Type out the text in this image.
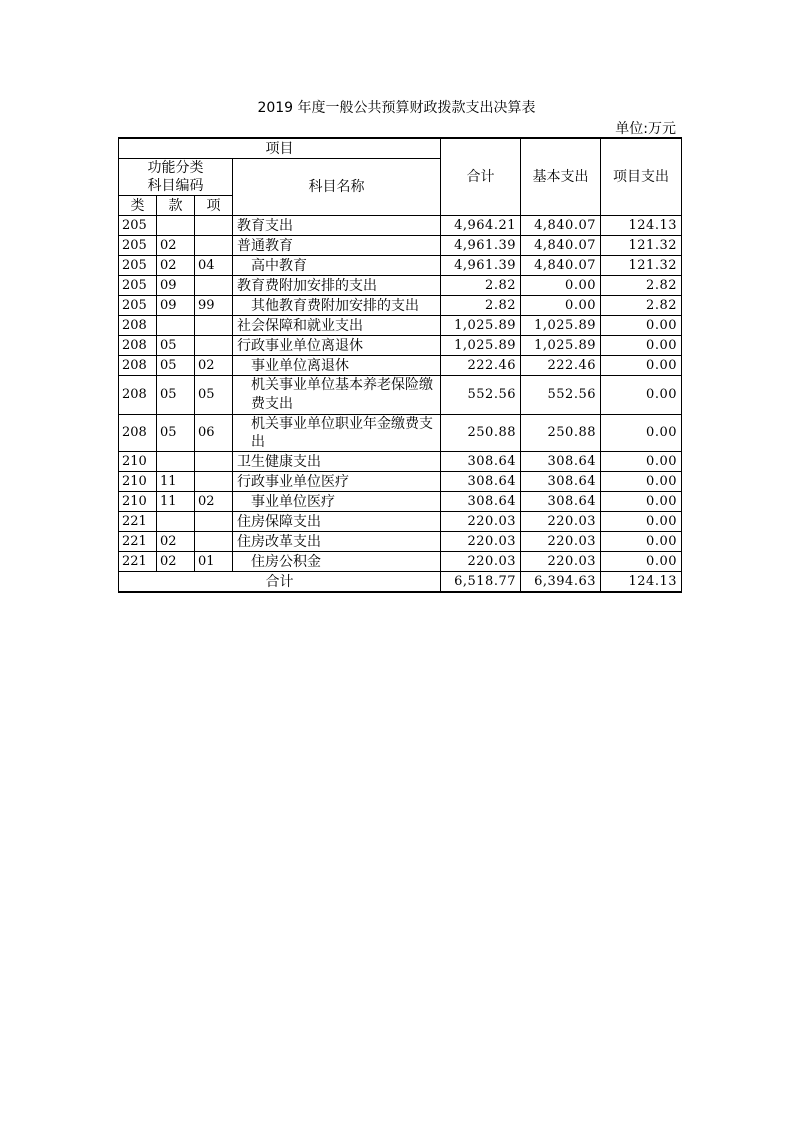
2019 年度一般公共预算财政拨款支出决算表
单位:万元
项目				合计	基本支出	项目支出

功能分类
科目编码			科目名称			

类	款	项				
205			教育支出	4,964.21	4,840.07	124.13
205	02		普通教育	4,961.39	4,840.07	121.32
205	02	04	高中教育	4,961.39	4,840.07	121.32
205	09		教育费附加安排的支出	2.82	0.00	2.82
205	09	99	其他教育费附加安排的支出	2.82	0.00	2.82
208			社会保障和就业支出	1,025.89	1,025.89	0.00
208	05		行政事业单位离退休	1,025.89	1,025.89	0.00
208	05	02	事业单位离退休	222.46	222.46	0.00
208	05	05	机关事业单位基本养老保险缴费支出	552.56	552.56	0.00
208	05	06	机关事业单位职业年金缴费支出	250.88	250.88	0.00
210			卫生健康支出	308.64	308.64	0.00
210	11		行政事业单位医疗	308.64	308.64	0.00
210	11	02	事业单位医疗	308.64	308.64	0.00
221			住房保障支出	220.03	220.03	0.00
221	02		住房改革支出	220.03	220.03	0.00
221	02	01	住房公积金	220.03	220.03	0.00
合计				6,518.77	6,394.63	124.13
